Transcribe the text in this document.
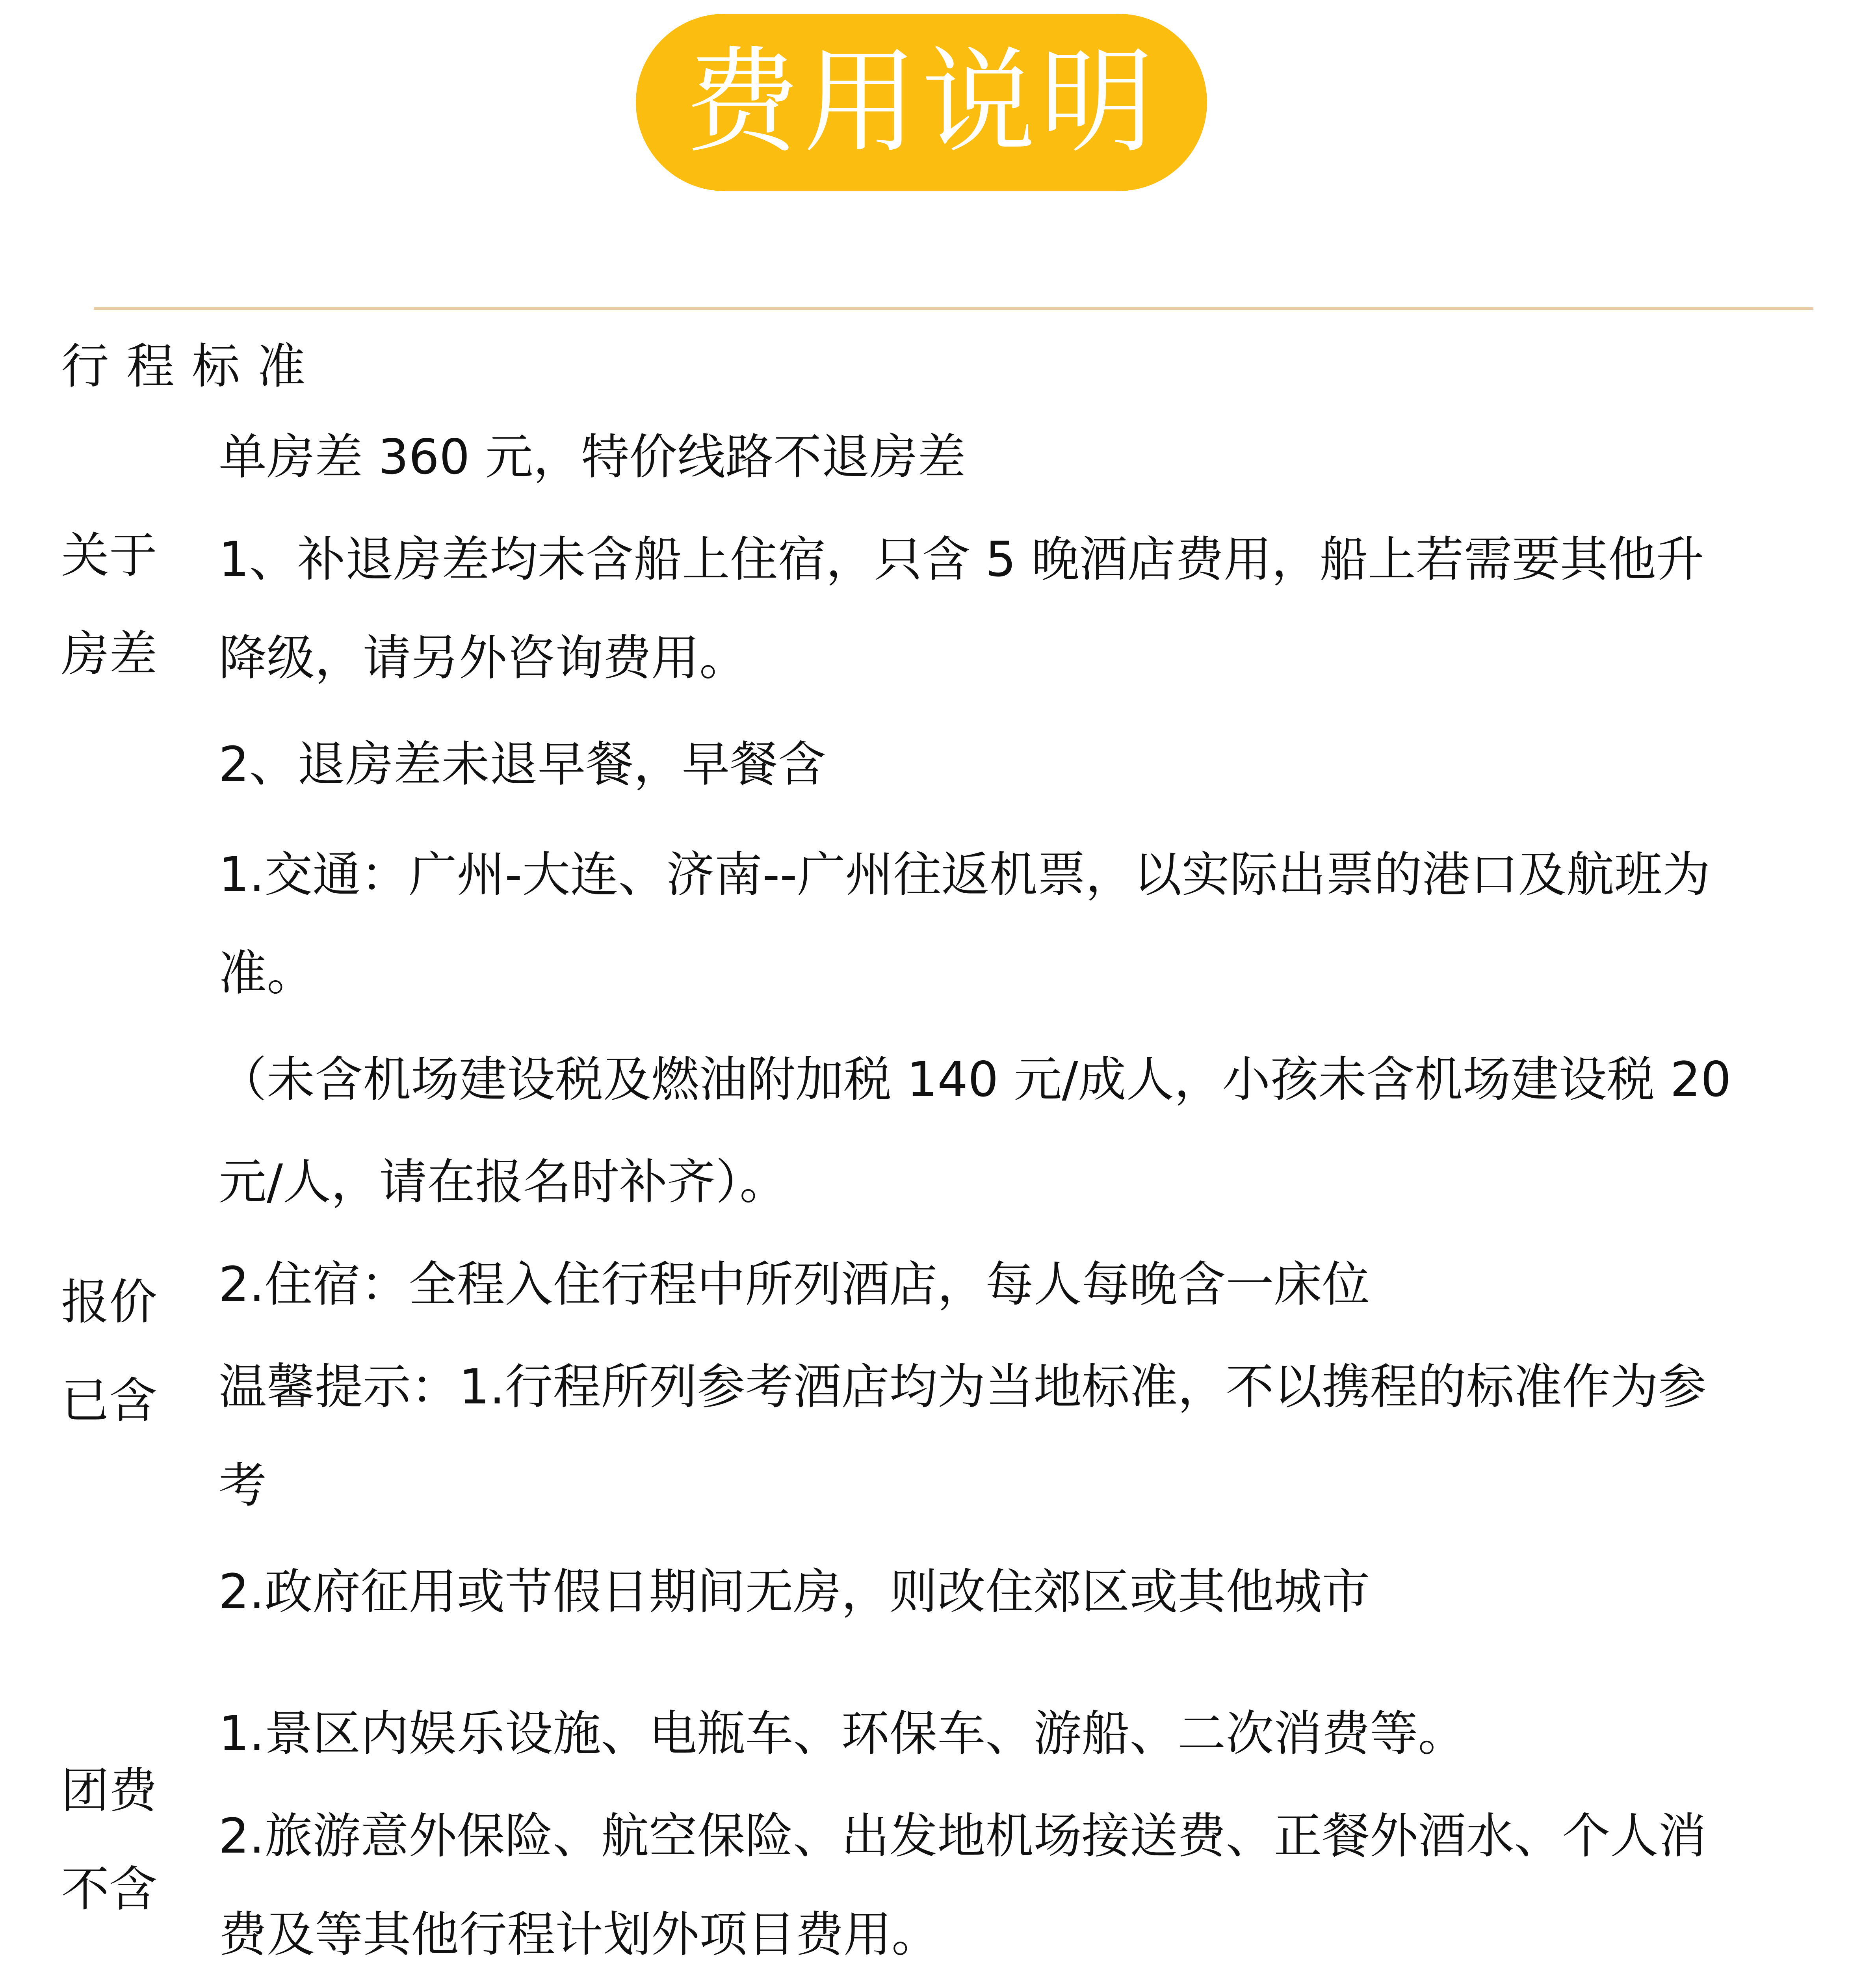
费用说明
行程标准
关于
房差
单房差 360 元，特价线路不退房差
1、补退房差均未含船上住宿，只含 5 晚酒店费用，船上若需要其他升
降级，请另外咨询费用。
2、退房差未退早餐，早餐含
报价
已含
1.交通：广州-大连、济南--广州往返机票，以实际出票的港口及航班为
准。
（未含机场建设税及燃油附加税 140 元/成人，小孩未含机场建设税 20
元/人，请在报名时补齐）。
2.住宿：全程入住行程中所列酒店，每人每晚含一床位
温馨提示：1.行程所列参考酒店均为当地标准，不以携程的标准作为参
考
2.政府征用或节假日期间无房，则改住郊区或其他城市
团费
不含
1.景区内娱乐设施、电瓶车、环保车、游船、二次消费等。
2.旅游意外保险、航空保险、出发地机场接送费、正餐外酒水、个人消
费及等其他行程计划外项目费用。
